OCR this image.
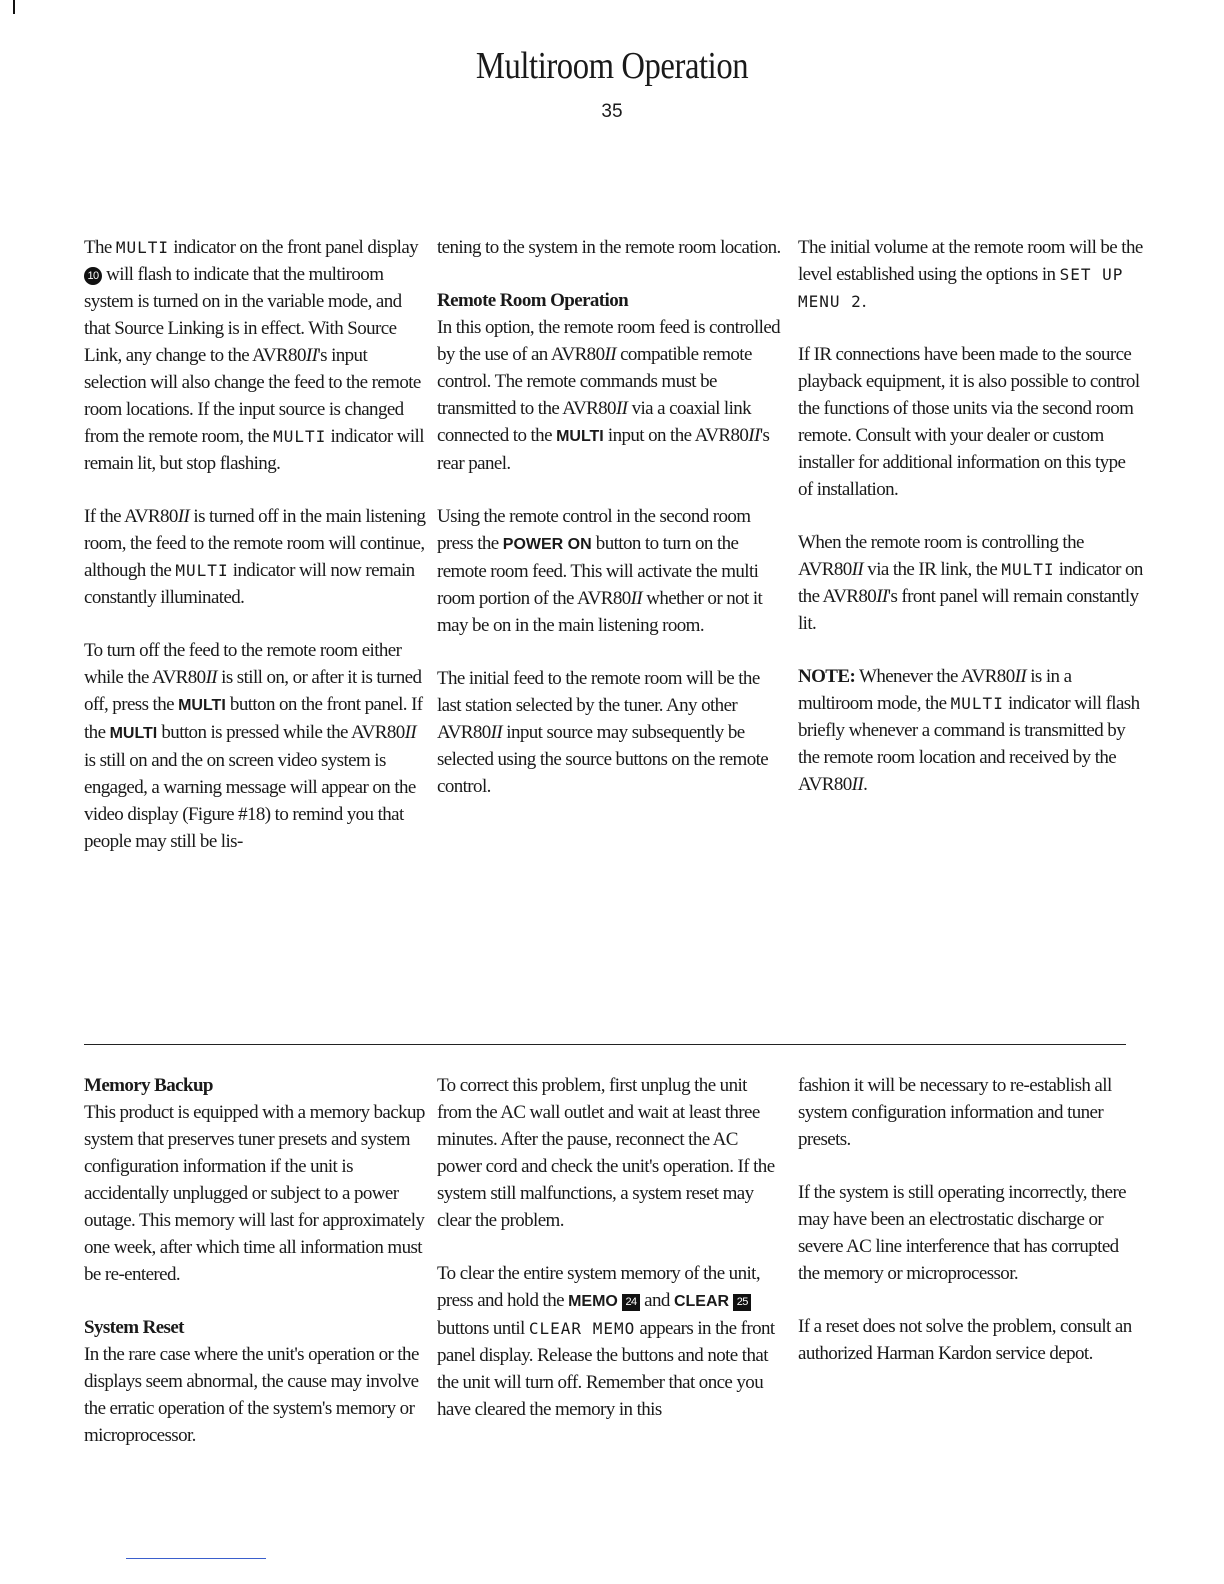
Multiroom Operation
35

The MULTI indicator on the front panel display 10 will flash to indicate that the multiroom system is turned on in the variable mode, and that Source Linking is in effect. With Source Link, any change to the AVR80II's input selection will also change the feed to the remote room locations. If the input source is changed from the remote room, the MULTI indicator will remain lit, but stop flashing.

If the AVR80II is turned off in the main listening room, the feed to the remote room will continue, although the MULTI indicator will now remain constantly illuminated.

To turn off the feed to the remote room either while the AVR80II is still on, or after it is turned off, press the MULTI button on the front panel. If the MULTI button is pressed while the AVR80II is still on and the on screen video system is engaged, a warning message will appear on the video display (Figure #18) to remind you that people may still be lis-

tening to the system in the remote room location.

Remote Room Operation

In this option, the remote room feed is controlled by the use of an AVR80II compatible remote control. The remote commands must be transmitted to the AVR80II via a coaxial link connected to the MULTI input on the AVR80II's rear panel.

Using the remote control in the second room press the POWER ON button to turn on the remote room feed. This will activate the multi room portion of the AVR80II whether or not it may be on in the main listening room.

The initial feed to the remote room will be the last station selected by the tuner. Any other AVR80II input source may subsequently be selected using the source buttons on the remote control.

The initial volume at the remote room will be the level established using the options in SET UP MENU 2.

If IR connections have been made to the source playback equipment, it is also possible to control the functions of those units via the second room remote. Consult with your dealer or custom installer for additional information on this type of installation.

When the remote room is controlling the AVR80II via the IR link, the MULTI indicator on the AVR80II's front panel will remain constantly lit.

NOTE: Whenever the AVR80II is in a multiroom mode, the MULTI indicator will flash briefly whenever a command is transmitted by the remote room location and received by the AVR80II.

Memory Backup

This product is equipped with a memory backup system that preserves tuner presets and system configuration information if the unit is accidentally unplugged or subject to a power outage. This memory will last for approximately one week, after which time all information must be re-entered.

System Reset

In the rare case where the unit's operation or the displays seem abnormal, the cause may involve the erratic operation of the system's memory or microprocessor.

To correct this problem, first unplug the unit from the AC wall outlet and wait at least three minutes. After the pause, reconnect the AC power cord and check the unit's operation. If the system still malfunctions, a system reset may clear the problem.

To clear the entire system memory of the unit, press and hold the MEMO 24 and CLEAR 25 buttons until CLEAR MEMO appears in the front panel display. Release the buttons and note that the unit will turn off. Remember that once you have cleared the memory in this

fashion it will be necessary to re-establish all system configuration information and tuner presets.

If the system is still operating incorrectly, there may have been an electrostatic discharge or severe AC line interference that has corrupted the memory or microprocessor.

If a reset does not solve the problem, consult an authorized Harman Kardon service depot.
